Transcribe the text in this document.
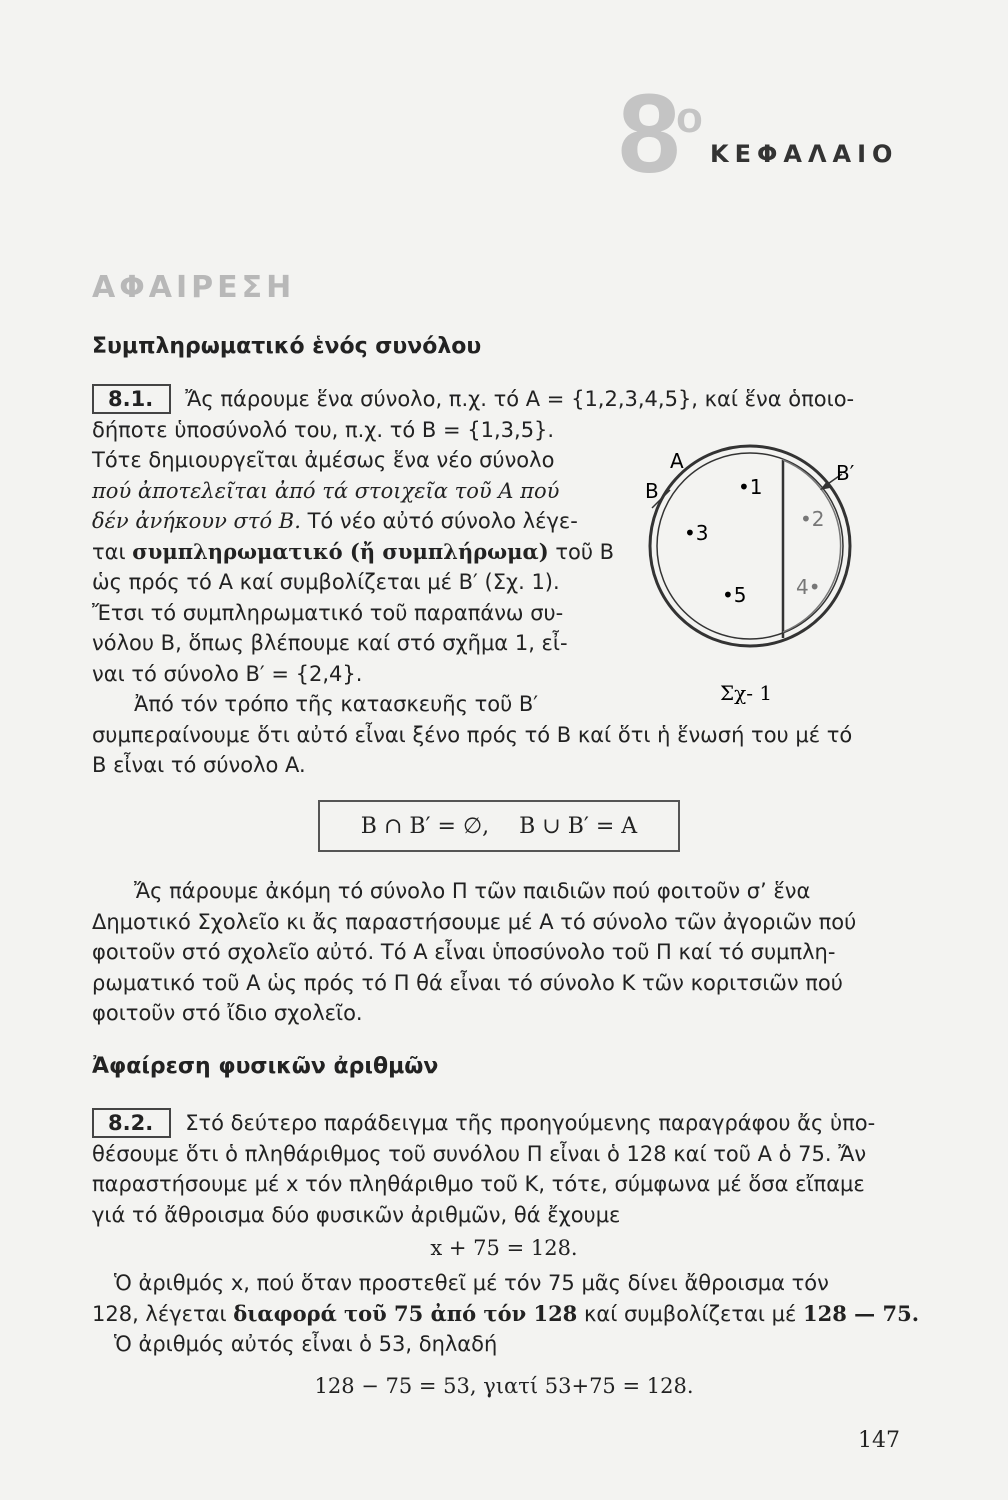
8
ο
ΚΕΦΑΛΑΙΟ
ΑΦΑΙΡΕΣΗ
Συμπληρωματικό ἑνός συνόλου
8.1. Ἄς πάρουμε ἕνα σύνολο, π.χ. τό A = {1,2,3,4,5}, καί ἕνα ὁποιο-
δήποτε ὑποσύνολό του, π.χ. τό B = {1,3,5}.
Τότε δημιουργεῖται ἀμέσως ἕνα νέο σύνολο
πού ἀποτελεῖται ἀπό τά στοιχεῖα τοῦ A πού
δέν ἀνήκουν στό B. Τό νέο αὐτό σύνολο λέγε-
ται συμπληρωματικό (ἤ συμπλήρωμα) τοῦ B
ὡς πρός τό A καί συμβολίζεται μέ B′ (Σχ. 1).
Ἔτσι τό συμπληρωματικό τοῦ παραπάνω συ-
νόλου B, ὅπως βλέπουμε καί στό σχῆμα 1, εἶ-
ναι τό σύνολο B′ = {2,4}.
Ἀπό τόν τρόπο τῆς κατασκευῆς τοῦ B′
συμπεραίνουμε ὅτι αὐτό εἶναι ξένο πρός τό B καί ὅτι ἡ ἕνωσή του μέ τό
B εἶναι τό σύνολο A.
A
B
B′
•1
•2
•3
4•
•5
Σχ- 1
B ∩ B′ = ∅, B ∪ B′ = A
Ἄς πάρουμε ἀκόμη τό σύνολο Π τῶν παιδιῶν πού φοιτοῦν σ’ ἕνα
Δημοτικό Σχολεῖο κι ἄς παραστήσουμε μέ A τό σύνολο τῶν ἀγοριῶν πού
φοιτοῦν στό σχολεῖο αὐτό. Τό A εἶναι ὑποσύνολο τοῦ Π καί τό συμπλη-
ρωματικό τοῦ A ὡς πρός τό Π θά εἶναι τό σύνολο K τῶν κοριτσιῶν πού
φοιτοῦν στό ἴδιο σχολεῖο.
Ἀφαίρεση φυσικῶν ἀριθμῶν
8.2. Στό δεύτερο παράδειγμα τῆς προηγούμενης παραγράφου ἄς ὑπο-
θέσουμε ὅτι ὁ πληθάριθμος τοῦ συνόλου Π εἶναι ὁ 128 καί τοῦ A ὁ 75. Ἄν
παραστήσουμε μέ x τόν πληθάριθμο τοῦ K, τότε, σύμφωνα μέ ὅσα εἴπαμε
γιά τό ἄθροισμα δύο φυσικῶν ἀριθμῶν, θά ἔχουμε
x + 75 = 128.
Ὁ ἀριθμός x, πού ὅταν προστεθεῖ μέ τόν 75 μᾶς δίνει ἄθροισμα τόν
128, λέγεται διαφορά τοῦ 75 ἀπό τόν 128 καί συμβολίζεται μέ 128 — 75.
Ὁ ἀριθμός αὐτός εἶναι ὁ 53, δηλαδή
128 − 75 = 53, γιατί 53+75 = 128.
147
